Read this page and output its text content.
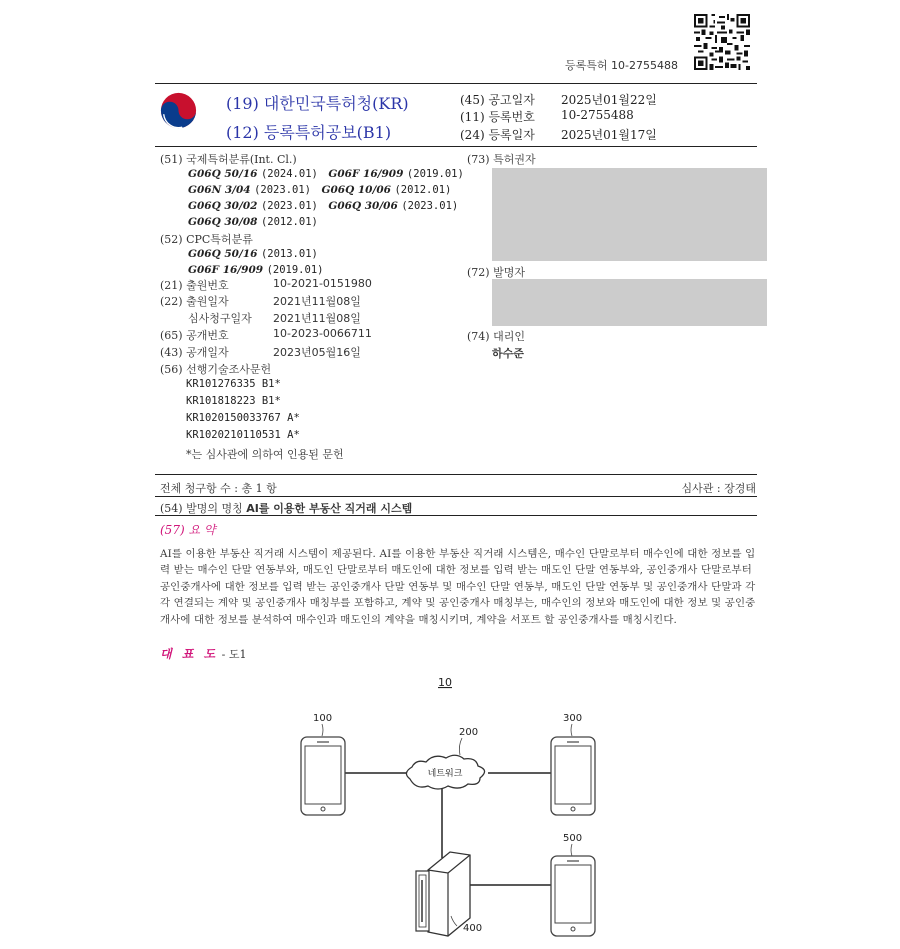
등록특허 10-2755488
(19) 대한민국특허청(KR)
(12) 등록특허공보(B1)
(45) 공고일자 2025년01월22일
(11) 등록번호 10-2755488
(24) 등록일자 2025년01월17일
(51) 국제특허분류(Int. Cl.)
G06Q 50/16 (2024.01) G06F 16/909 (2019.01)
G06N 3/04 (2023.01) G06Q 10/06 (2012.01)
G06Q 30/02 (2023.01) G06Q 30/06 (2023.01)
G06Q 30/08 (2012.01)
(52) CPC특허분류
G06Q 50/16 (2013.01)
G06F 16/909 (2019.01)
(21) 출원번호	10-2021-0151980
(22) 출원일자	2021년11월08일
심사청구일자 2021년11월08일
(65) 공개번호	10-2023-0066711
(43) 공개일자	2023년05월16일
(56) 선행기술조사문헌
KR101276335 B1*
KR101818223 B1*
KR1020150033767 A*
KR1020210110531 A*
*는 심사관에 의하여 인용된 문헌
(73) 특허권자
(72) 발명자
(74) 대리인
하수준
전체 청구항 수 : 총 1 항	심사관 : 장경태
(54) 발명의 명칭 AI를 이용한 부동산 직거래 시스템
(57) 요 약
AI를 이용한 부동산 직거래 시스템이 제공된다. AI를 이용한 부동산 직거래 시스템은, 매수인 단말로부터 매수인에 대한 정보를 입력 받는 매수인 단말 연동부와, 매도인 단말로부터 매도인에 대한 정보를 입력 받는 매도인 단말 연동부와, 공인중개사 단말로부터 공인중개사에 대한 정보를 입력 받는 공인중개사 단말 연동부 및 매수인 단말 연동부, 매도인 단말 연동부 및 공인중개사 단말과 각각 연결되는 계약 및 공인중개사 매칭부를 포함하고, 계약 및 공인중개사 매칭부는, 매수인의 정보와 매도인에 대한 정보 및 공인중개사에 대한 정보를 분석하여 매수인과 매도인의 계약을 매칭시키며, 계약을 서포트 할 공인중개사를 매칭시킨다.
대 표 도 - 도1
10
100	300
500
네트워크
200
400
